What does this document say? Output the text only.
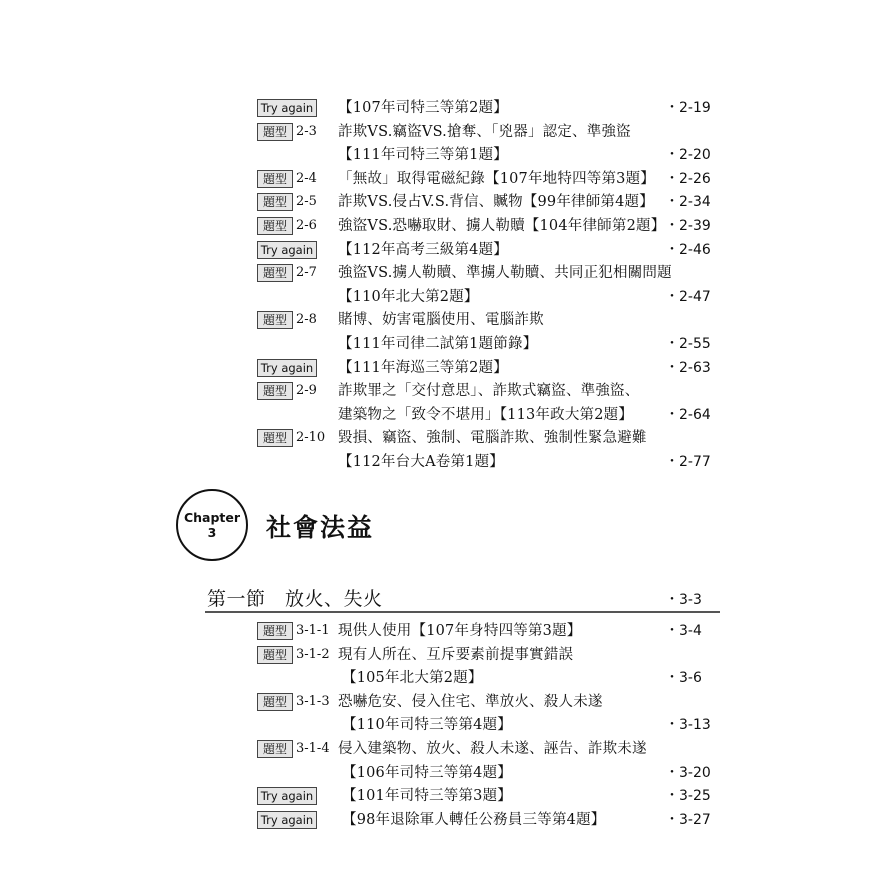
Try again 【107年司特三等第2題】	・2-19
題型 2-3 詐欺VS.竊盜VS.搶奪、「兇器」認定、準強盜
【111年司特三等第1題】	・2-20
題型 2-4 「無故」取得電磁紀錄【107年地特四等第3題】 ・2-26
題型 2-5 詐欺VS.侵占V.S.背信、贓物【99年律師第4題】 ・2-34
題型 2-6 強盜VS.恐嚇取財、擄人勒贖【104年律師第2題】 ・2-39
Try again 【112年高考三級第4題】	・2-46
題型 2-7 強盜VS.擄人勒贖、準擄人勒贖、共同正犯相關問題
【110年北大第2題】	・2-47
題型 2-8 賭博、妨害電腦使用、電腦詐欺
【111年司律二試第1題節錄】	・2-55
Try again 【111年海巡三等第2題】	・2-63
題型 2-9 詐欺罪之「交付意思」、詐欺式竊盜、準強盜、
建築物之「致令不堪用」【113年政大第2題】 ・2-64
題型 2-10 毀損、竊盜、強制、電腦詐欺、強制性緊急避難
【112年台大A卷第1題】	・2-77
Chapter 3	社會法益
第一節　放火、失火	・3-3
題型 3-1-1 現供人使用【107年身特四等第3題】	・3-4
題型 3-1-2 現有人所在、互斥要素前提事實錯誤
【105年北大第2題】	・3-6
題型 3-1-3 恐嚇危安、侵入住宅、準放火、殺人未遂
【110年司特三等第4題】	・3-13
題型 3-1-4 侵入建築物、放火、殺人未遂、誣告、詐欺未遂
【106年司特三等第4題】	・3-20
Try again 【101年司特三等第3題】	・3-25
Try again 【98年退除軍人轉任公務員三等第4題】	・3-27
